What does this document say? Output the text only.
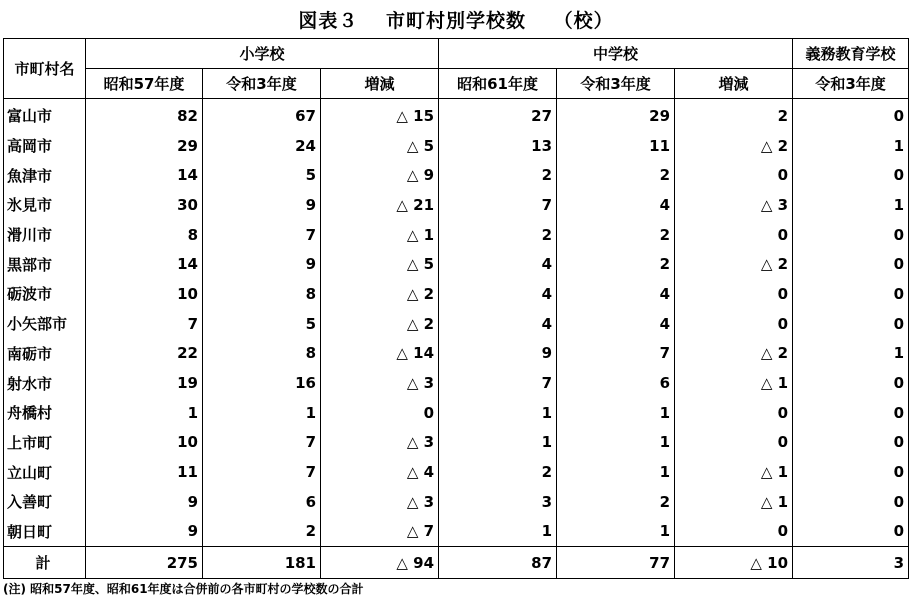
図表３　 市町村別学校数　 （校）
市町村名	小学校			中学校			義務教育学校
	昭和57年度	令和3年度	増減	昭和61年度	令和3年度	増減	令和3年度
富山市	82	67	△ 15	27	29	2	0
高岡市	29	24	△ 5	13	11	△ 2	1
魚津市	14	5	△ 9	2	2	0	0
氷見市	30	9	△ 21	7	4	△ 3	1
滑川市	8	7	△ 1	2	2	0	0
黒部市	14	9	△ 5	4	2	△ 2	0
砺波市	10	8	△ 2	4	4	0	0
小矢部市	7	5	△ 2	4	4	0	0
南砺市	22	8	△ 14	9	7	△ 2	1
射水市	19	16	△ 3	7	6	△ 1	0
舟橋村	1	1	0	1	1	0	0
上市町	10	7	△ 3	1	1	0	0
立山町	11	7	△ 4	2	1	△ 1	0
入善町	9	6	△ 3	3	2	△ 1	0
朝日町	9	2	△ 7	1	1	0	0
計	275	181	△ 94	87	77	△ 10	3
(注) 昭和57年度、昭和61年度は合併前の各市町村の学校数の合計
